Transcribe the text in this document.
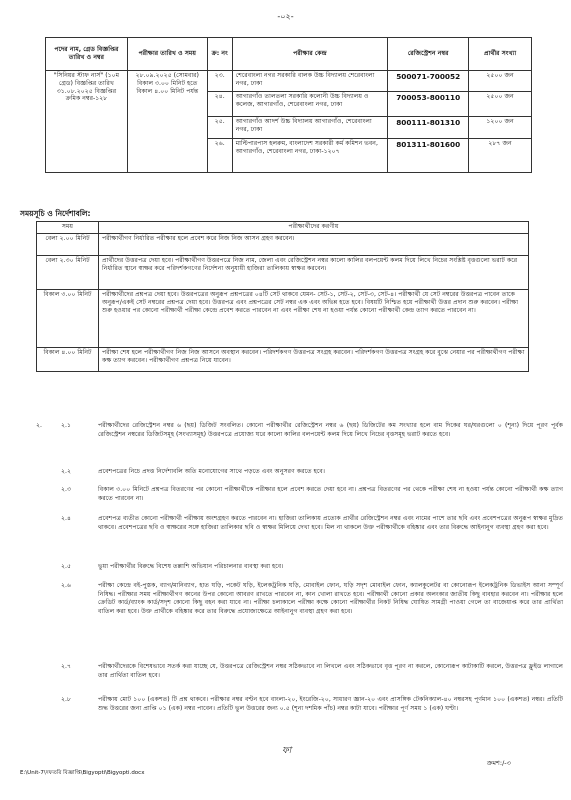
-০২-
পদের নাম, গ্রেড বিজ্ঞপ্তির তারিখ ও নম্বর	পরীক্ষার তারিখ ও সময়	ক্র: নং	পরীক্ষার কেন্দ্র	রেজিস্ট্রেশন নম্বর	প্রার্থীর সংখ্যা
"সিনিয়র স্টাফ নার্স" (১০ম গ্রেড) বিজ্ঞপ্তির তারিখ ৩১.০৮.২০২৫ বিজ্ঞপ্তির ক্রমিক নম্বর-১২৮	২৮.০৯.২০২৫ (সোমবার) বিকাল ৩.০০ মিনিট হতে বিকাল ৪.০০ মিনিট পর্যন্ত	২৩.	শেরেবাংলা নগর সরকারি বালক উচ্চ বিদ্যালয় শেরেবাংলা নগর, ঢাকা	500071-700052	২৫০০ জন
		২৪.	আগারগাঁও তালতলা সরকারি কলোনী উচ্চ বিদ্যালয় ও কলেজ, আগারগাঁও, শেরেবাংলা নগর, ঢাকা	700053-800110	২৫০০ জন
		২৫.	আগারগাঁও আদর্শ উচ্চ বিদ্যালয় আগারগাঁও, শেরেবাংলা নগর, ঢাকা	800111-801310	১২০০ জন
		২৬.	মাল্টিপারপাস হলরুম, বাংলাদেশ সরকারী কর্ম কমিশন ভবন, আগারগাঁও, শেরেবাংলা নগর, ঢাকা-১২০৭	801311-801600	২৮৭ জন
সময়সূচি ও নির্দেশাবলি:
সময়	পরীক্ষার্থীদের করণীয়
বেলা ২.০০ মিনিট	পরীক্ষার্থীগণ নির্ধারিত পরীক্ষার হলে প্রবেশ করে নিজ নিজ আসন গ্রহণ করবেন।
বেলা ২.৩০ মিনিট	প্রার্থীদের উত্তরপত্র দেয়া হবে। পরীক্ষার্থীগণ উত্তরপত্রে নিজ নাম, জেলা এবং রেজিস্ট্রেশন নম্বর কালো কালির বলপয়েন্ট কলম দিয়ে লিখে নিচের সংশ্লিষ্ট বৃত্তগুলো ভরাট করে নির্ধারিত স্থানে স্বাক্ষর করে পরিদর্শকগণের নির্দেশনা অনুযায়ী হাজিরা তালিকায় স্বাক্ষর করবেন।
বিকাল ৩.০০ মিনিট	পরীক্ষার্থীদের প্রশ্নপত্র দেয়া হবে। উত্তরপত্রের অনুরূপ প্রশ্নপত্রের ০৪টি সেট থাকবে যেমন- সেট-১, সেট-২, সেট-৩, সেট-৪। পরীক্ষার্থী যে সেট নম্বরের উত্তরপত্র পাবেন তাকে অনুরূপ/একই সেট নম্বরের প্রশ্নপত্র দেয়া হবে। উত্তরপত্র এবং প্রশ্নপত্রের সেট নম্বর এক এবং অভিন্ন হতে হবে। বিষয়টি নিশ্চিত হয়ে পরীক্ষার্থী উত্তর প্রদান শুরু করবেন। পরীক্ষা শুরু হওয়ার পর কোনো পরীক্ষার্থী পরীক্ষা কেন্দ্রে প্রবেশ করতে পারবেন না এবং পরীক্ষা শেষ না হওয়া পর্যন্ত কোনো পরীক্ষার্থী কেন্দ্র ত্যাগ করতে পারবেন না।
বিকাল ৪.০০ মিনিট	পরীক্ষা শেষ হলে পরীক্ষার্থীগণ নিজ নিজ আসনে অবস্থান করবেন। পরিদর্শকগণ উত্তরপত্র সংগ্রহ করবেন। পরিদর্শকগণ উত্তরপত্র সংগ্রহ করে বুঝে নেয়ার পর পরীক্ষার্থীগণ পরীক্ষা কক্ষ ত্যাগ করবেন। পরীক্ষার্থীগণ প্রশ্নপত্র নিয়ে যাবেন।
২.	২.১	পরীক্ষার্থীদের রেজিস্ট্রেশন নম্বর ৬ (ছয়) ডিজিট সংবলিত। কোনো পরীক্ষার্থীর রেজিস্ট্রেশন নম্বর ৬ (ছয়) ডিজিটের কম সংখ্যার হলে বাম দিকের ঘর/ঘরগুলো ০ (শূন্য) দিয়ে পূরণ পূর্বক রেজিস্ট্রেশন নম্বরের ডিজিটসমূহ (সংখ্যাসমূহ) উত্তরপত্রে প্রযোজ্য ঘরে কালো কালির বলপয়েন্ট কলম দিয়ে লিখে নিচের বৃত্তসমূহ ভরাট করতে হবে।
২.২	প্রবেশপত্রের নিচে প্রদত্ত নির্দেশাবলি অতি মনোযোগের সাথে পড়তে এবং অনুসরণ করতে হবে।
২.৩	বিকাল ৩.০০ মিনিটে প্রশ্নপত্র বিতরণের পর কোনো পরীক্ষার্থীকে পরীক্ষার হলে প্রবেশ করতে দেয়া হবে না। প্রশ্নপত্র বিতরণের পর থেকে পরীক্ষা শেষ না হওয়া পর্যন্ত কোনো পরীক্ষার্থী কক্ষ ত্যাগ করতে পারবেন না।
২.৪	প্রবেশপত্র ব্যতীত কোনো পরীক্ষার্থী পরীক্ষায় অংশগ্রহণ করতে পারবেন না। হাজিরা তালিকায় প্রত্যেক প্রার্থীর রেজিস্ট্রেশন নম্বর এবং নামের পাশে তার ছবি এবং প্রবেশপত্রের অনুরূপ স্বাক্ষর মুদ্রিত থাকবে। প্রবেশপত্রের ছবি ও স্বাক্ষরের সঙ্গে হাজিরা তালিকার ছবি ও স্বাক্ষর মিলিয়ে দেখা হবে। মিল না থাকলে উক্ত পরীক্ষার্থীকে বহিষ্কার এবং তার বিরুদ্ধে আইনানুগ ব্যবস্থা গ্রহণ করা হবে।
২.৫	ভুয়া পরীক্ষার্থীর বিরুদ্ধে বিশেষ তল্লাশি অভিযান পরিচালনার ব্যবস্থা করা হবে।
২.৬	পরীক্ষা কেন্দ্রে বই-পুস্তক, ব্যাগ/মানিব্যাগ, হাত ঘড়ি, পকেট ঘড়ি, ইলেকট্রনিক ঘড়ি, মোবাইল ফোন, ঘড়ি সদৃশ মোবাইল ফোন, ক্যালকুলেটর বা কোনোরূপ ইলেকট্রনিক ডিভাইস আনা সম্পূর্ণ নিষিদ্ধ। পরীক্ষার সময় পরীক্ষার্থীগণ কানের উপর কোনো আবরণ রাখতে পারবেন না, কান খোলা রাখতে হবে। পরীক্ষার্থী কোনো প্রকার অলংকার জাতীয় কিছু ব্যবহার করবেন না। পরীক্ষার হলে ক্রেডিট কার্ড/ব্যাংক কার্ড/সদৃশ কোনো কিছু বহন করা যাবে না। পরীক্ষা চলাকালে পরীক্ষা কক্ষে কোনো পরীক্ষার্থীর নিকট নিষিদ্ধ ঘোষিত সামগ্রী পাওয়া গেলে তা বাজেয়াপ্ত করে তার প্রার্থিতা বাতিল করা হবে। উক্ত প্রার্থীকে বহিষ্কার করে তার বিরুদ্ধে প্রযোজ্যক্ষেত্রে আইনানুগ ব্যবস্থা গ্রহণ করা হবে।
২.৭	পরীক্ষার্থীদেরকে বিশেষভাবে সতর্ক করা যাচ্ছে যে, উত্তরপত্রে রেজিস্ট্রেশন নম্বর সঠিকভাবে না লিখলে এবং সঠিকভাবে বৃত্ত পূরণ না করলে, কোনোরূপ কাটাকাটি করলে, উত্তরপত্র ফ্লুইড লাগালে তার প্রার্থিতা বাতিল হবে।
২.৮	পরীক্ষায় মোট ১০০ (একশত) টি প্রশ্ন থাকবে। পরীক্ষার নম্বর বণ্টন হবে বাংলা-২০, ইংরেজি-২০, সাধারণ জ্ঞান-২০ এবং প্রাসঙ্গিক টেকনিক্যাল-৪০ নম্বরসহ পূর্ণমান ১০০ (একশত) নম্বর। প্রতিটি শুদ্ধ উত্তরের জন্য প্রাপ্তি ০১ (এক) নম্বর পাবেন। প্রতিটি ভুল উত্তরের জন্য ০.৫ (শূন্য দশমিক পাঁচ) নম্বর কাটা যাবে। পরীক্ষার পূর্ণ সময় ১ (এক) ঘণ্টা।
ফা
ক্রমশ:/-৩
E:\Unit-7\দফতরি বিজ্ঞাপ্তি\Bigyopti\Bigyopti.docx
